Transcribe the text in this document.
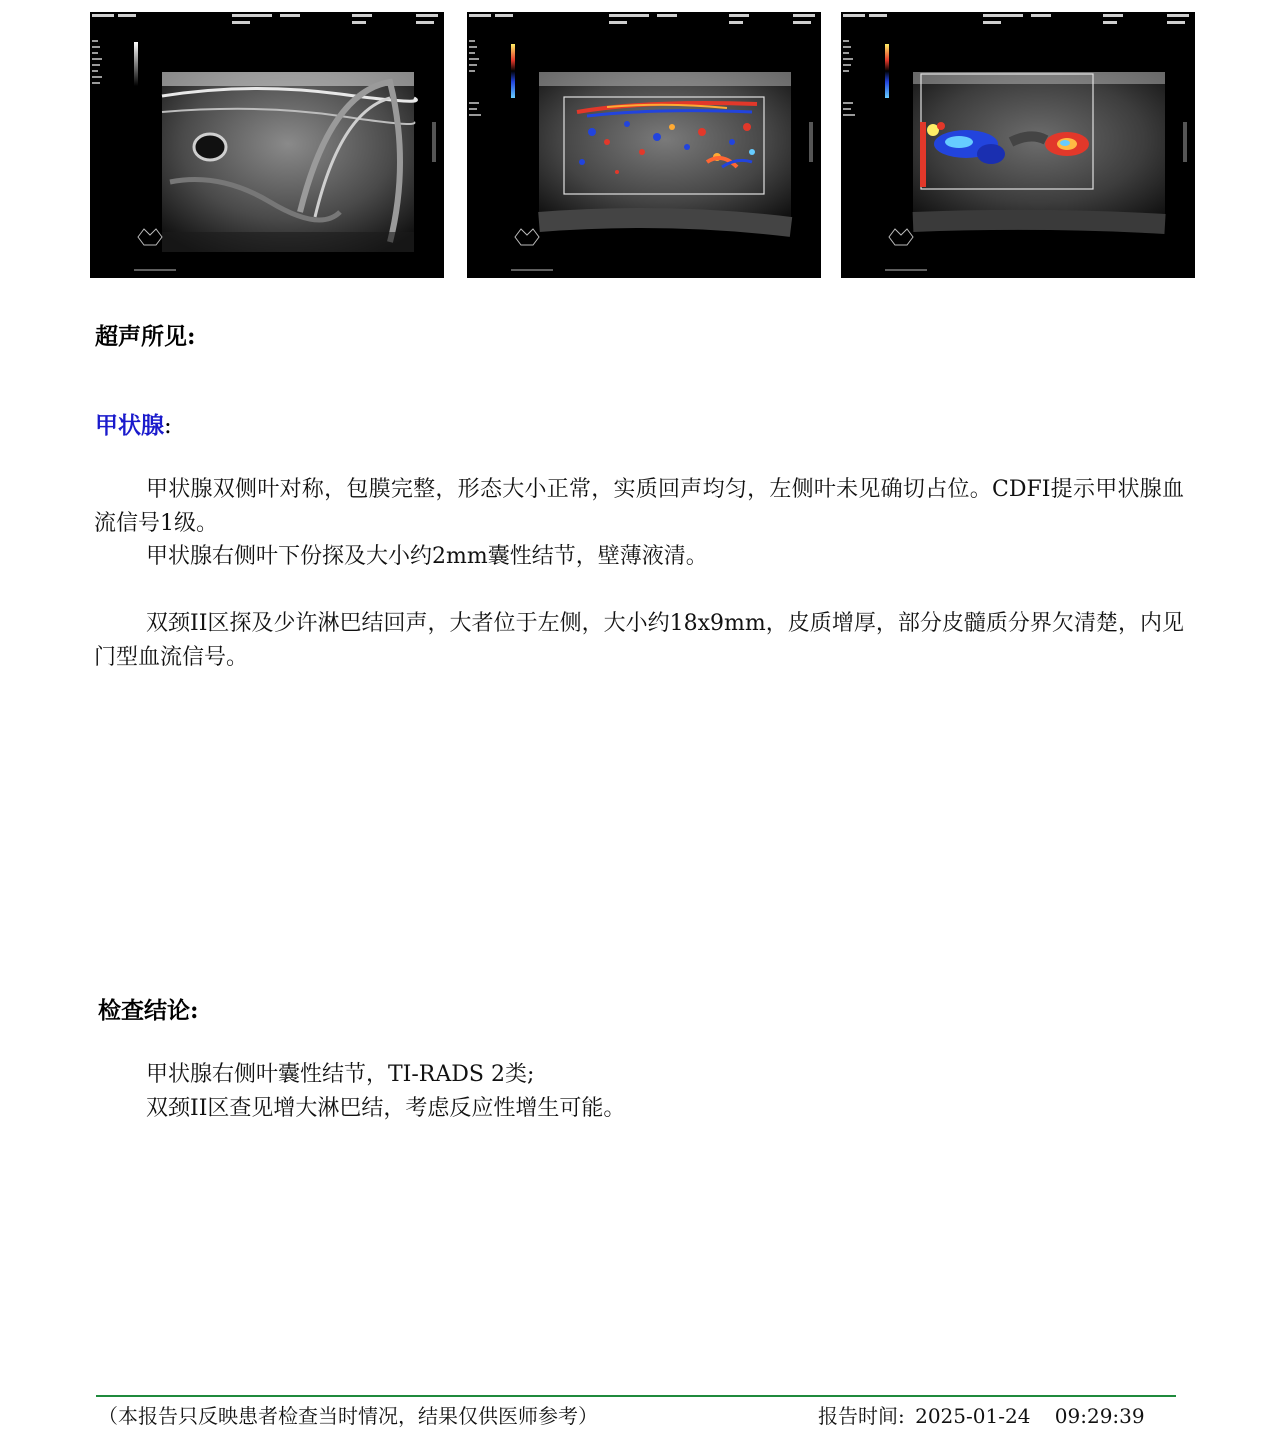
超声所见:
甲状腺:
甲状腺双侧叶对称，包膜完整，形态大小正常，实质回声均匀，左侧叶未见确切占位。CDFI提示甲状腺血流信号1级。
甲状腺右侧叶下份探及大小约2mm囊性结节，壁薄液清。
双颈II区探及少许淋巴结回声，大者位于左侧，大小约18x9mm，皮质增厚，部分皮髓质分界欠清楚，内见门型血流信号。
检查结论:
甲状腺右侧叶囊性结节，TI-RADS 2类;
双颈II区查见增大淋巴结，考虑反应性增生可能。
（本报告只反映患者检查当时情况，结果仅供医师参考）	报告时间: 2025-01-24 09:29:39
